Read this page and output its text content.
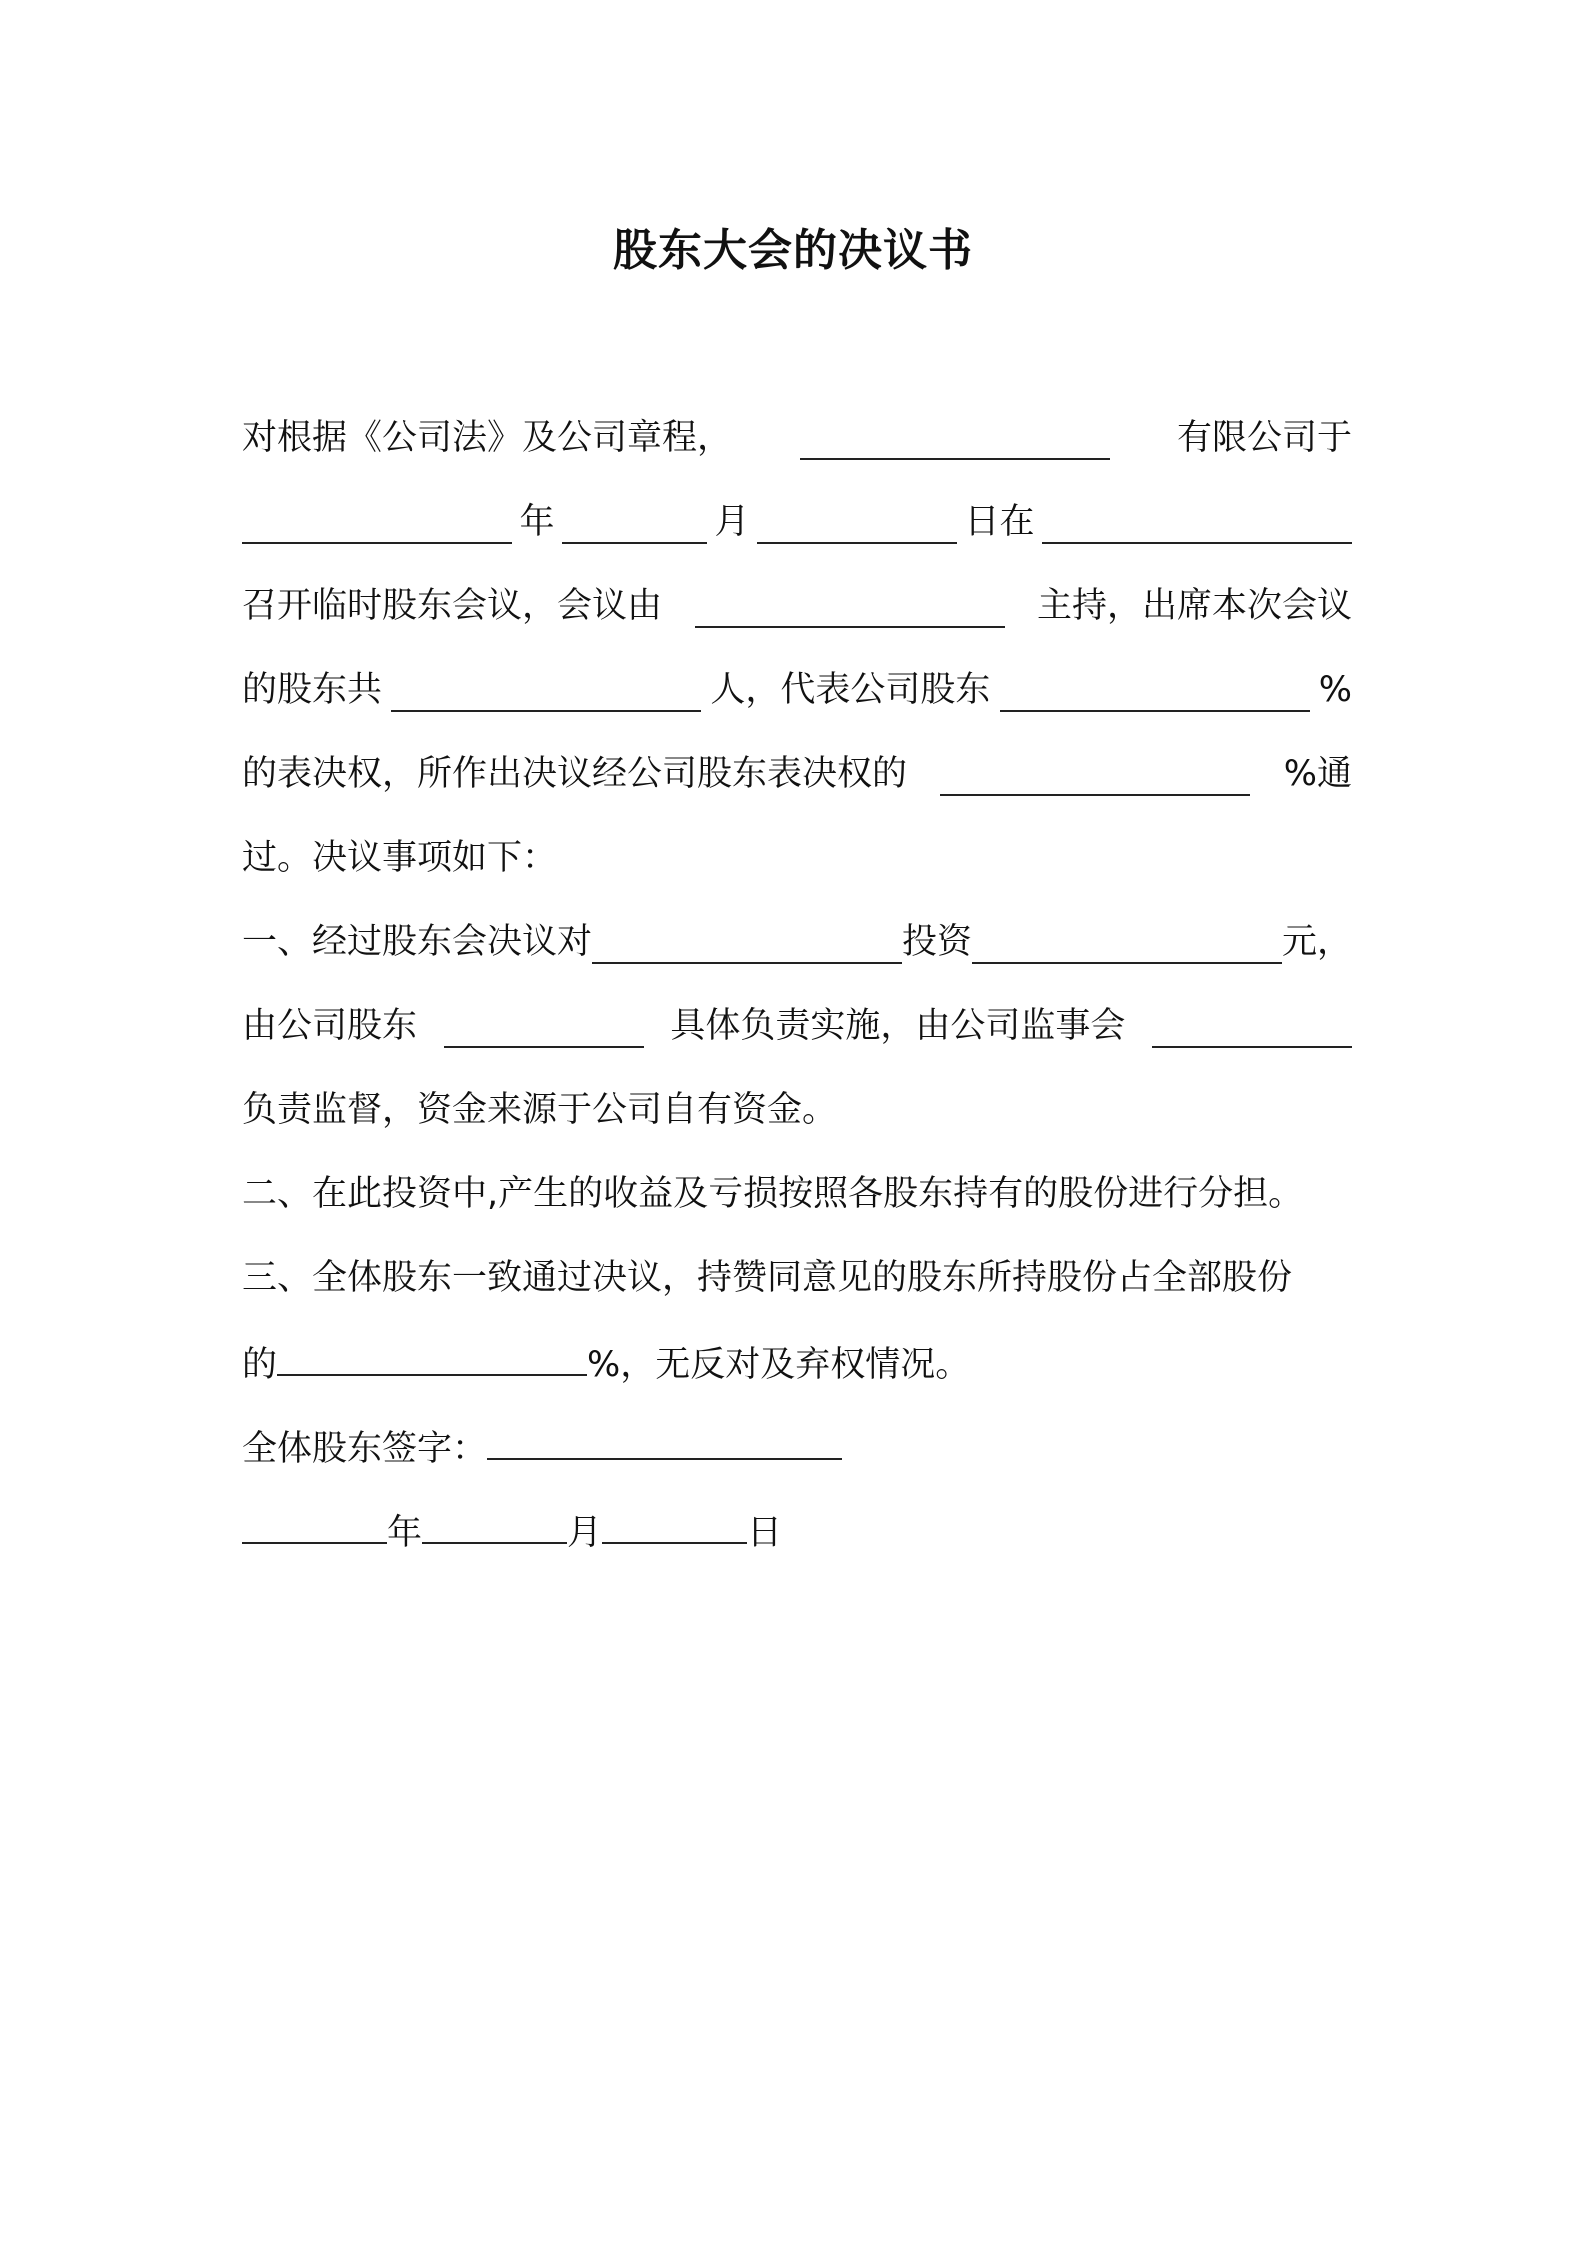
股东大会的决议书
对根据《公司法》及公司章程，	有限公司于
年	月	日在
召开临时股东会议，会议由	主持，出席本次会议
的股东共	人，代表公司股东	%
的表决权，所作出决议经公司股东表决权的	%通
过。决议事项如下：
一、经过股东会决议对	投资	元，
由公司股东	具体负责实施，由公司监事会
负责监督，资金来源于公司自有资金。
二、在此投资中,产生的收益及亏损按照各股东持有的股份进行分担。
三、全体股东一致通过决议，持赞同意见的股东所持股份占全部股份
的	%，无反对及弃权情况。
全体股东签字：
年	月	日
